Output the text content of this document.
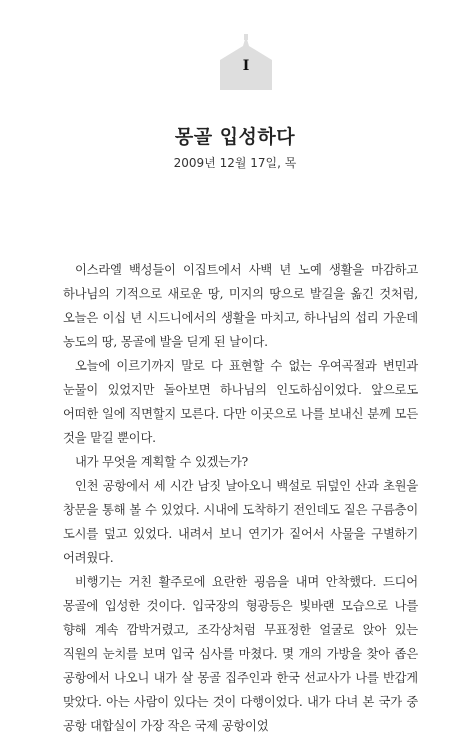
I
몽골 입성하다
2009년 12월 17일, 목

이스라엘 백성들이 이집트에서 사백 년 노예 생활을 마감하고 하나님의 기적으로 새로운 땅, 미지의 땅으로 발길을 옮긴 것처럼, 오늘은 이십 년 시드니에서의 생활을 마치고, 하나님의 섭리 가운데 농도의 땅, 몽골에 발을 딛게 된 날이다.

오늘에 이르기까지 말로 다 표현할 수 없는 우여곡절과 변민과 눈물이 있었지만 돌아보면 하나님의 인도하심이었다. 앞으로도 어떠한 일에 직면할지 모른다. 다만 이곳으로 나를 보내신 분께 모든 것을 맡길 뿐이다.

내가 무엇을 계획할 수 있겠는가?

인천 공항에서 세 시간 남짓 날아오니 백설로 뒤덮인 산과 초원을 창문을 통해 볼 수 있었다. 시내에 도착하기 전인데도 짙은 구름층이 도시를 덮고 있었다. 내려서 보니 연기가 짙어서 사물을 구별하기 어려웠다.

비행기는 거친 활주로에 요란한 굉음을 내며 안착했다. 드디어 몽골에 입성한 것이다. 입국장의 형광등은 빛바랜 모습으로 나를 향해 계속 깜박거렸고, 조각상처럼 무표정한 얼굴로 앉아 있는 직원의 눈치를 보며 입국 심사를 마쳤다. 몇 개의 가방을 찾아 좁은 공항에서 나오니 내가 살 몽골 집주인과 한국 선교사가 나를 반갑게 맞았다. 아는 사람이 있다는 것이 다행이었다. 내가 다녀 본 국가 중 공항 대합실이 가장 작은 국제 공항이었
